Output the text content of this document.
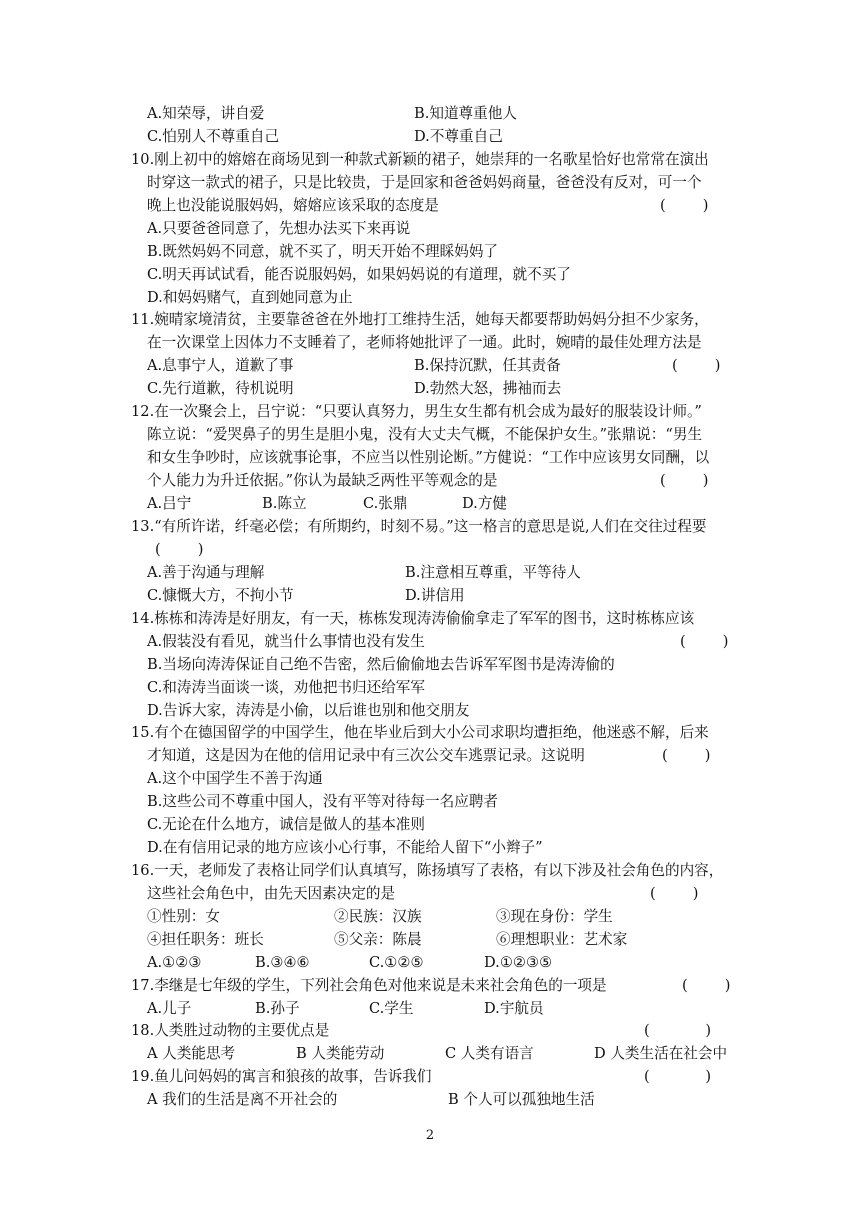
A.知荣辱，讲自爱	B.知道尊重他人
C.怕别人不尊重自己	D.不尊重自己
10.刚上初中的嫆嫆在商场见到一种款式新颖的裙子，她崇拜的一名歌星恰好也常常在演出
时穿这一款式的裙子，只是比较贵，于是回家和爸爸妈妈商量，爸爸没有反对，可一个
晚上也没能说服妈妈，嫆嫆应该采取的态度是	(        )
A.只要爸爸同意了，先想办法买下来再说
B.既然妈妈不同意，就不买了，明天开始不理睬妈妈了
C.明天再试试看，能否说服妈妈，如果妈妈说的有道理，就不买了
D.和妈妈赌气，直到她同意为止
11.婉晴家境清贫，主要靠爸爸在外地打工维持生活，她每天都要帮助妈妈分担不少家务，
在一次课堂上因体力不支睡着了，老师将她批评了一通。此时，婉晴的最佳处理方法是
A.息事宁人，道歉了事	B.保持沉默，任其责备	(        )
C.先行道歉，待机说明	D.勃然大怒，拂袖而去
12.在一次聚会上，吕宁说：“只要认真努力，男生女生都有机会成为最好的服装设计师。”
陈立说：“爱哭鼻子的男生是胆小鬼，没有大丈夫气概，不能保护女生。”张鼎说：“男生
和女生争吵时，应该就事论事，不应当以性别论断。”方健说：“工作中应该男女同酬，以
个人能力为升迁依据。”你认为最缺乏两性平等观念的是	(        )
A.吕宁	B.陈立	C.张鼎	D.方健
13.“有所许诺，纤毫必偿；有所期约，时刻不易。”这一格言的意思是说,人们在交往过程要
(        )
A.善于沟通与理解	B.注意相互尊重，平等待人
C.慷慨大方，不拘小节	D.讲信用
14.栋栋和涛涛是好朋友，有一天，栋栋发现涛涛偷偷拿走了军军的图书，这时栋栋应该
A.假装没有看见，就当什么事情也没有发生	(        )
B.当场向涛涛保证自己绝不告密，然后偷偷地去告诉军军图书是涛涛偷的
C.和涛涛当面谈一谈，劝他把书归还给军军
D.告诉大家，涛涛是小偷，以后谁也别和他交朋友
15.有个在德国留学的中国学生，他在毕业后到大小公司求职均遭拒绝，他迷惑不解，后来
才知道，这是因为在他的信用记录中有三次公交车逃票记录。这说明	(        )
A.这个中国学生不善于沟通
B.这些公司不尊重中国人，没有平等对待每一名应聘者
C.无论在什么地方，诚信是做人的基本准则
D.在有信用记录的地方应该小心行事，不能给人留下“小辫子”
16.一天，老师发了表格让同学们认真填写，陈扬填写了表格，有以下涉及社会角色的内容，
这些社会角色中，由先天因素决定的是	(        )
①性别：女	②民族：汉族	③现在身份：学生
④担任职务：班长	⑤父亲：陈晨	⑥理想职业：艺术家
A.①②③	B.③④⑥	C.①②⑤	D.①②③⑤
17.李继是七年级的学生，下列社会角色对他来说是未来社会角色的一项是	(        )
A.儿子	B.孙子	C.学生	D.宇航员
18.人类胜过动物的主要优点是	(            )
A 人类能思考	B 人类能劳动	C 人类有语言	D 人类生活在社会中
19.鱼儿问妈妈的寓言和狼孩的故事，告诉我们	(            )
A 我们的生活是离不开社会的	B 个人可以孤独地生活
2
